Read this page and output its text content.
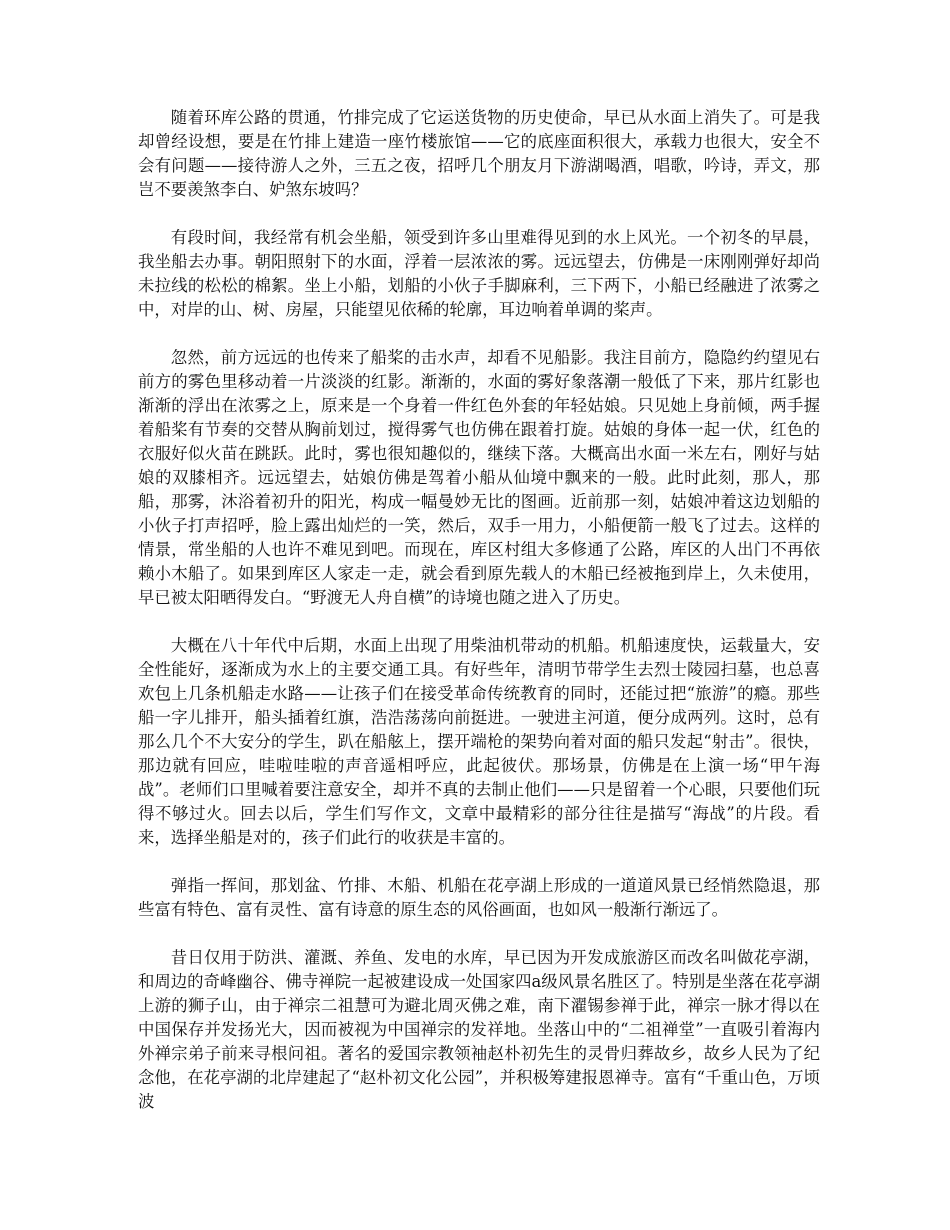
随着环库公路的贯通，竹排完成了它运送货物的历史使命，早已从水面上消失了。可是我却曾经设想，要是在竹排上建造一座竹楼旅馆——它的底座面积很大，承载力也很大，安全不会有问题——接待游人之外，三五之夜，招呼几个朋友月下游湖喝酒，唱歌，吟诗，弄文，那岂不要羡煞李白、妒煞东坡吗？

有段时间，我经常有机会坐船，领受到许多山里难得见到的水上风光。一个初冬的早晨，我坐船去办事。朝阳照射下的水面，浮着一层浓浓的雾。远远望去，仿佛是一床刚刚弹好却尚未拉线的松松的棉絮。坐上小船，划船的小伙子手脚麻利，三下两下，小船已经融进了浓雾之中，对岸的山、树、房屋，只能望见依稀的轮廓，耳边响着单调的桨声。

忽然，前方远远的也传来了船桨的击水声，却看不见船影。我注目前方，隐隐约约望见右前方的雾色里移动着一片淡淡的红影。渐渐的，水面的雾好象落潮一般低了下来，那片红影也渐渐的浮出在浓雾之上，原来是一个身着一件红色外套的年轻姑娘。只见她上身前倾，两手握着船桨有节奏的交替从胸前划过，搅得雾气也仿佛在跟着打旋。姑娘的身体一起一伏，红色的衣服好似火苗在跳跃。此时，雾也很知趣似的，继续下落。大概高出水面一米左右，刚好与姑娘的双膝相齐。远远望去，姑娘仿佛是驾着小船从仙境中飘来的一般。此时此刻，那人，那船，那雾，沐浴着初升的阳光，构成一幅曼妙无比的图画。近前那一刻，姑娘冲着这边划船的小伙子打声招呼，脸上露出灿烂的一笑，然后，双手一用力，小船便箭一般飞了过去。这样的情景，常坐船的人也许不难见到吧。而现在，库区村组大多修通了公路，库区的人出门不再依赖小木船了。如果到库区人家走一走，就会看到原先载人的木船已经被拖到岸上，久未使用，早已被太阳晒得发白。“野渡无人舟自横”的诗境也随之进入了历史。

大概在八十年代中后期，水面上出现了用柴油机带动的机船。机船速度快，运载量大，安全性能好，逐渐成为水上的主要交通工具。有好些年，清明节带学生去烈士陵园扫墓，也总喜欢包上几条机船走水路——让孩子们在接受革命传统教育的同时，还能过把“旅游”的瘾。那些船一字儿排开，船头插着红旗，浩浩荡荡向前挺进。一驶进主河道，便分成两列。这时，总有那么几个不大安分的学生，趴在船舷上，摆开端枪的架势向着对面的船只发起“射击”。很快，那边就有回应，哇啦哇啦的声音遥相呼应，此起彼伏。那场景，仿佛是在上演一场“甲午海战”。老师们口里喊着要注意安全，却并不真的去制止他们——只是留着一个心眼，只要他们玩得不够过火。回去以后，学生们写作文，文章中最精彩的部分往往是描写“海战”的片段。看来，选择坐船是对的，孩子们此行的收获是丰富的。

弹指一挥间，那划盆、竹排、木船、机船在花亭湖上形成的一道道风景已经悄然隐退，那些富有特色、富有灵性、富有诗意的原生态的风俗画面，也如风一般渐行渐远了。

昔日仅用于防洪、灌溉、养鱼、发电的水库，早已因为开发成旅游区而改名叫做花亭湖，和周边的奇峰幽谷、佛寺禅院一起被建设成一处国家四a级风景名胜区了。特别是坐落在花亭湖上游的狮子山，由于禅宗二祖慧可为避北周灭佛之难，南下濯锡参禅于此，禅宗一脉才得以在中国保存并发扬光大，因而被视为中国禅宗的发祥地。坐落山中的“二祖禅堂”一直吸引着海内外禅宗弟子前来寻根问祖。著名的爱国宗教领袖赵朴初先生的灵骨归葬故乡，故乡人民为了纪念他，在花亭湖的北岸建起了“赵朴初文化公园”，并积极筹建报恩禅寺。富有“千重山色，万顷波
